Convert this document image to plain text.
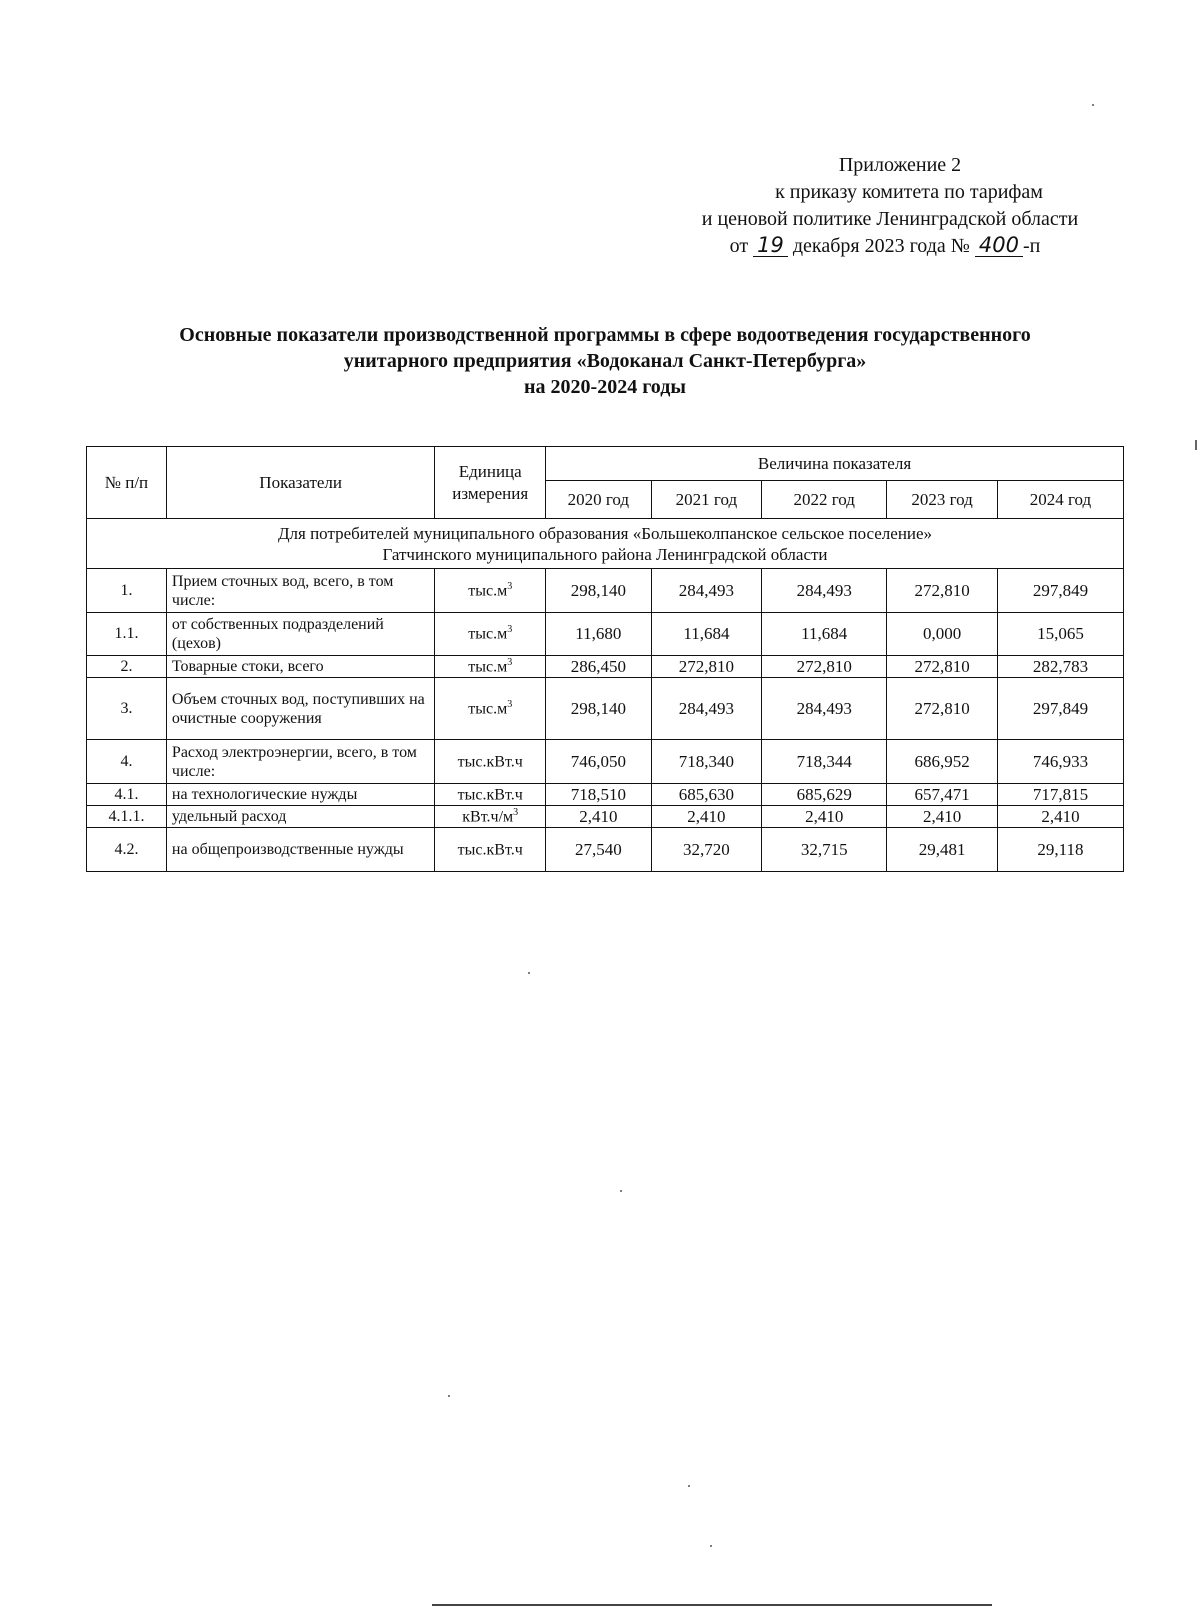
Приложение 2
к приказу комитета по тарифам
и ценовой политике Ленинградской области
от 19 декабря 2023 года № 400 -п
Основные показатели производственной программы в сфере водоотведения государственного
унитарного предприятия «Водоканал Санкт-Петербурга»
на 2020-2024 годы
№ п/п	Показатели	Единица измерения	Величина показателя				
			2020 год	2021 год	2022 год	2023 год	2024 год

Для потребителей муниципального образования «Большеколпанское сельское поселение»
Гатчинского муниципального района Ленинградской области							

1.	Прием сточных вод, всего, в том числе:	$тыс.м^3$	298,140	284,493	284,493	272,810	297,849
1.1.	от собственных подразделений (цехов)	$тыс.м^3$	11,680	11,684	11,684	0,000	15,065
2.	Товарные стоки, всего	$тыс.м^3$	286,450	272,810	272,810	272,810	282,783
3.	Объем сточных вод, поступивших на очистные сооружения	$тыс.м^3$	298,140	284,493	284,493	272,810	297,849
4.	Расход электроэнергии, всего, в том числе:	тыс.кВт.ч	746,050	718,340	718,344	686,952	746,933
4.1.	на технологические нужды	тыс.кВт.ч	718,510	685,630	685,629	657,471	717,815
4.1.1.	удельный расход	$кВт.ч/м^3$	2,410	2,410	2,410	2,410	2,410
4.2.	на общепроизводственные нужды	тыс.кВт.ч	27,540	32,720	32,715	29,481	29,118
